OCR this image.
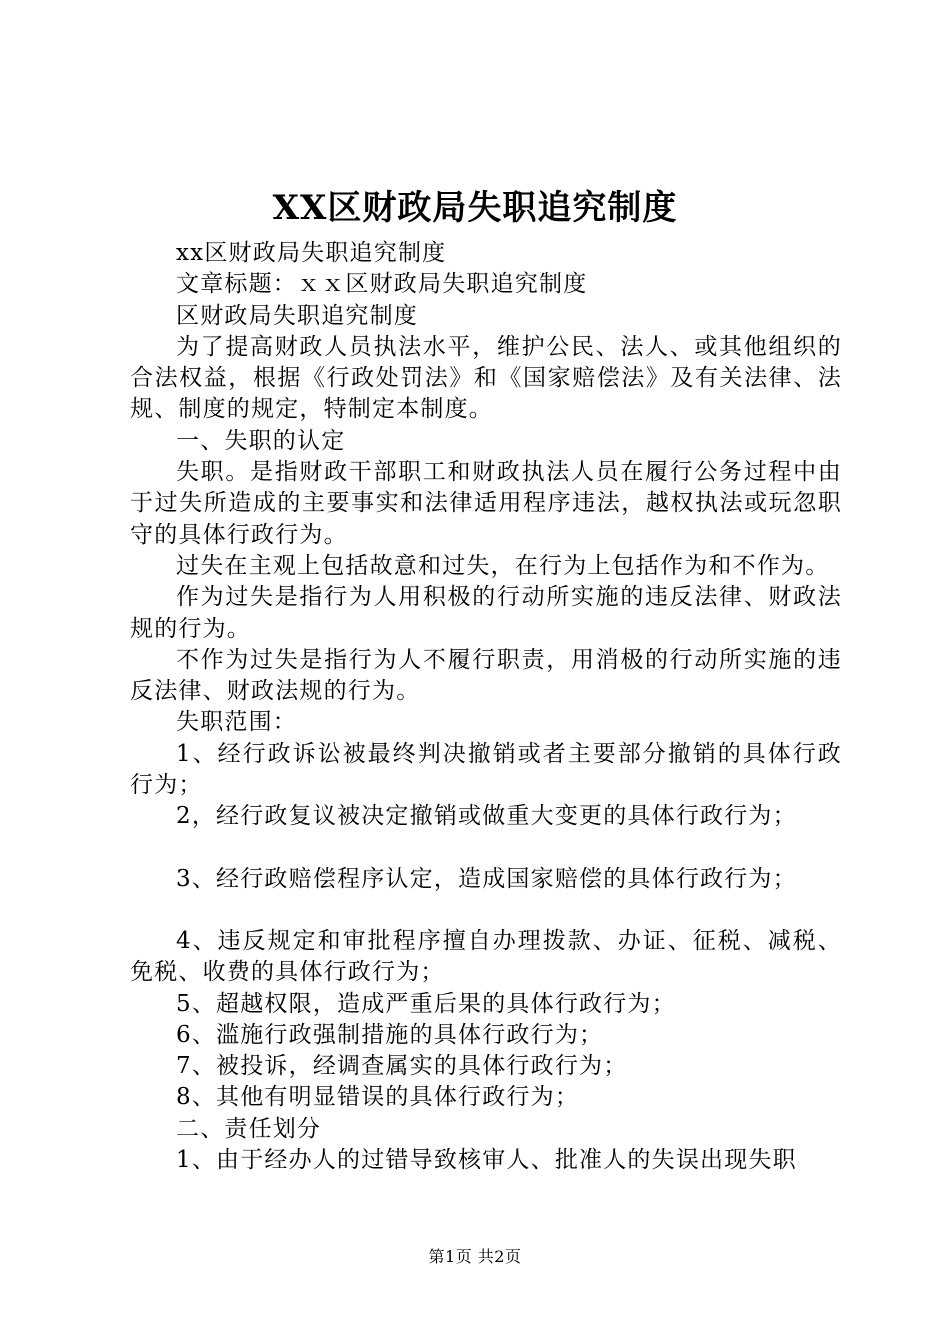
XX区财政局失职追究制度

xx区财政局失职追究制度

文章标题：ｘｘ区财政局失职追究制度

区财政局失职追究制度

为了提高财政人员执法水平，维护公民、法人、或其他组织的合法权益，根据《行政处罚法》和《国家赔偿法》及有关法律、法规、制度的规定，特制定本制度。

一、失职的认定

失职。是指财政干部职工和财政执法人员在履行公务过程中由于过失所造成的主要事实和法律适用程序违法，越权执法或玩忽职守的具体行政行为。

过失在主观上包括故意和过失，在行为上包括作为和不作为。

作为过失是指行为人用积极的行动所实施的违反法律、财政法规的行为。

不作为过失是指行为人不履行职责，用消极的行动所实施的违反法律、财政法规的行为。

失职范围：

1、经行政诉讼被最终判决撤销或者主要部分撤销的具体行政行为；

2，经行政复议被决定撤销或做重大变更的具体行政行为；

3、经行政赔偿程序认定，造成国家赔偿的具体行政行为；

4、违反规定和审批程序擅自办理拨款、办证、征税、减税、免税、收费的具体行政行为；

5、超越权限，造成严重后果的具体行政行为；

6、滥施行政强制措施的具体行政行为；

7、被投诉，经调查属实的具体行政行为；

8、其他有明显错误的具体行政行为；

二、责任划分

1、由于经办人的过错导致核审人、批准人的失误出现失职

第1页 共2页
